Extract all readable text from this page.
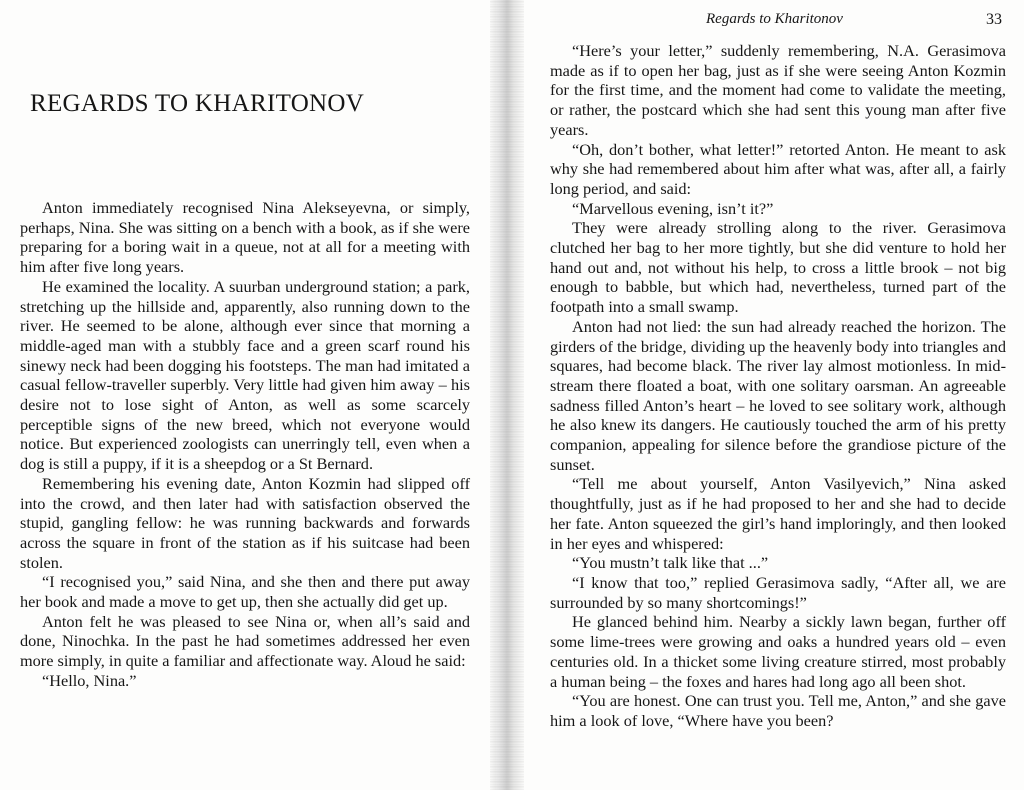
REGARDS TO KHARITONOV

Anton immediately recognised Nina Alekseyevna, or simply, perhaps, Nina. She was sitting on a bench with a book, as if she were preparing for a boring wait in a queue, not at all for a meeting with him after five long years.

He examined the locality. A suurban underground station; a park, stretching up the hillside and, apparently, also running down to the river. He seemed to be alone, although ever since that morning a middle-aged man with a stubbly face and a green scarf round his sinewy neck had been dogging his footsteps. The man had imitated a casual fellow-traveller superbly. Very little had given him away – his desire not to lose sight of Anton, as well as some scarcely perceptible signs of the new breed, which not everyone would notice. But experienced zoologists can unerringly tell, even when a dog is still a puppy, if it is a sheepdog or a St Bernard.

Remembering his evening date, Anton Kozmin had slipped off into the crowd, and then later had with satisfaction observed the stupid, gangling fellow: he was running backwards and forwards across the square in front of the station as if his suitcase had been stolen.

“I recognised you,” said Nina, and she then and there put away her book and made a move to get up, then she actually did get up.

Anton felt he was pleased to see Nina or, when all’s said and done, Ninochka. In the past he had sometimes addressed her even more simply, in quite a familiar and affectionate way. Aloud he said:

“Hello, Nina.”

Regards to Kharitonov	33

“Here’s your letter,” suddenly remembering, N.A. Gerasimova made as if to open her bag, just as if she were seeing Anton Kozmin for the first time, and the moment had come to validate the meeting, or rather, the postcard which she had sent this young man after five years.

“Oh, don’t bother, what letter!” retorted Anton. He meant to ask why she had remembered about him after what was, after all, a fairly long period, and said:

“Marvellous evening, isn’t it?”

They were already strolling along to the river. Gerasimova clutched her bag to her more tightly, but she did venture to hold her hand out and, not without his help, to cross a little brook – not big enough to babble, but which had, nevertheless, turned part of the footpath into a small swamp.

Anton had not lied: the sun had already reached the horizon. The girders of the bridge, dividing up the heavenly body into triangles and squares, had become black. The river lay almost motionless. In mid-stream there floated a boat, with one solitary oarsman. An agreeable sadness filled Anton’s heart – he loved to see solitary work, although he also knew its dangers. He cautiously touched the arm of his pretty companion, appealing for silence before the grandiose picture of the sunset.

“Tell me about yourself, Anton Vasilyevich,” Nina asked thoughtfully, just as if he had proposed to her and she had to decide her fate. Anton squeezed the girl’s hand imploringly, and then looked in her eyes and whispered:

“You mustn’t talk like that ...”

“I know that too,” replied Gerasimova sadly, “After all, we are surrounded by so many shortcomings!”

He glanced behind him. Nearby a sickly lawn began, further off some lime-trees were growing and oaks a hundred years old – even centuries old. In a thicket some living creature stirred, most probably a human being – the foxes and hares had long ago all been shot.

“You are honest. One can trust you. Tell me, Anton,” and she gave him a look of love, “Where have you been?
